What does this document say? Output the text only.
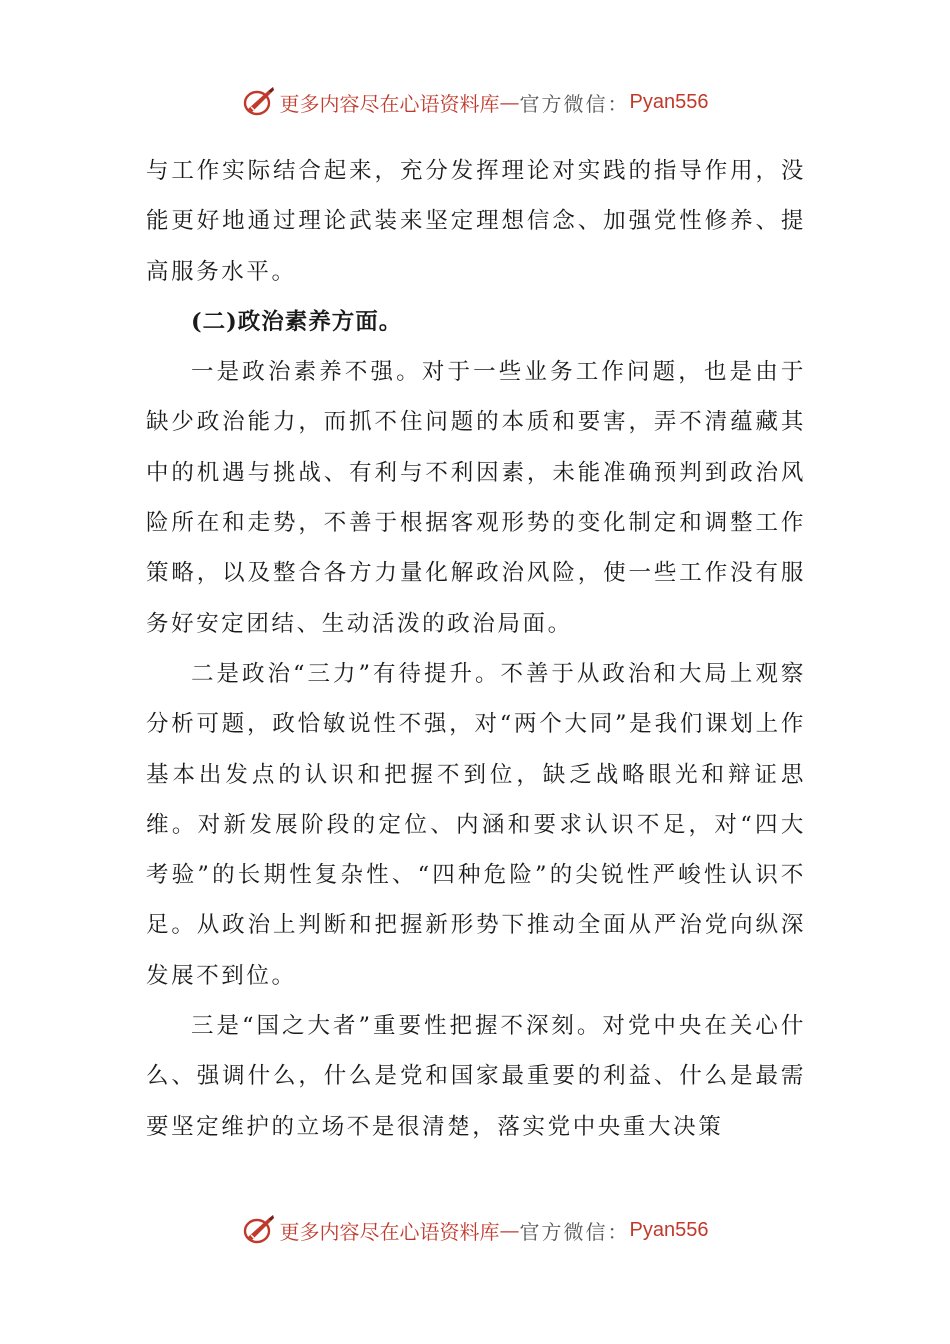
更多内容尽在心语资料库 — 官方微信： Pyan556

与工作实际结合起来，充分发挥理论对实践的指导作用，没能更好地通过理论武装来坚定理想信念、加强党性修养、提高服务水平。

(二)政治素养方面。

一是政治素养不强。对于一些业务工作问题，也是由于缺少政治能力，而抓不住问题的本质和要害，弄不清蕴藏其中的机遇与挑战、有利与不利因素，未能准确预判到政治风险所在和走势，不善于根据客观形势的变化制定和调整工作策略，以及整合各方力量化解政治风险，使一些工作没有服务好安定团结、生动活泼的政治局面。

二是政治“三力”有待提升。不善于从政治和大局上观察分析可题，政恰敏说性不强，对“两个大同”是我们课划上作基本出发点的认识和把握不到位，缺乏战略眼光和辩证思维。对新发展阶段的定位、内涵和要求认识不足，对“四大考验”的长期性复杂性、“四种危险”的尖锐性严峻性认识不足。从政治上判断和把握新形势下推动全面从严治党向纵深发展不到位。

三是“国之大者”重要性把握不深刻。对党中央在关心什么、强调什么，什么是党和国家最重要的利益、什么是最需要坚定维护的立场不是很清楚，落实党中央重大决策

更多内容尽在心语资料库 — 官方微信： Pyan556
